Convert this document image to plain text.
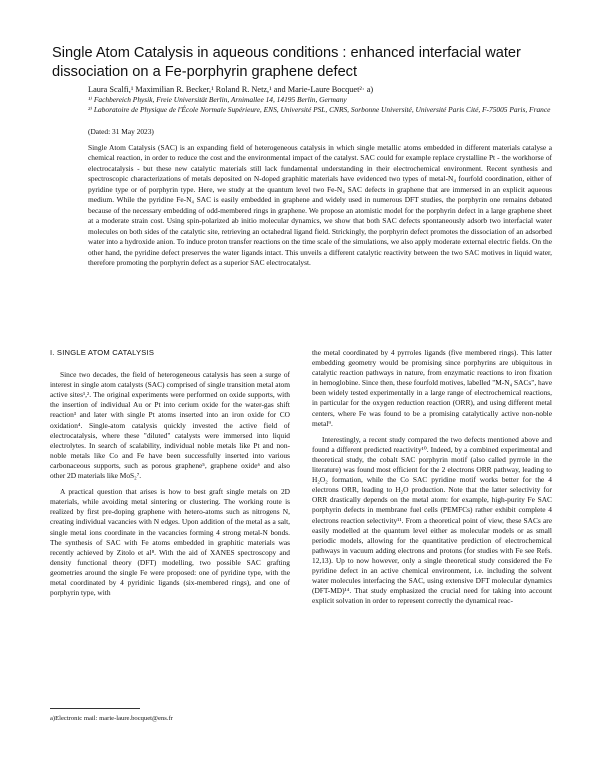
Single Atom Catalysis in aqueous conditions : enhanced interfacial water dissociation on a Fe-porphyrin graphene defect
Laura Scalfi,¹ Maximilian R. Becker,¹ Roland R. Netz,¹ and Marie-Laure Bocquet²· a)
¹⁾ Fachbereich Physik, Freie Universität Berlin, Arnimallee 14, 14195 Berlin, Germany
²⁾ Laboratoire de Physique de l'École Normale Supérieure, ENS, Université PSL, CNRS, Sorbonne Université, Université Paris Cité, F-75005 Paris, France
(Dated: 31 May 2023)
Single Atom Catalysis (SAC) is an expanding field of heterogeneous catalysis in which single metallic atoms embedded in different materials catalyse a chemical reaction, in order to reduce the cost and the environmental impact of the catalyst. SAC could for example replace crystalline Pt - the workhorse of electrocatalysis - but these new catalytic materials still lack fundamental understanding in their electrochemical environment. Recent synthesis and spectroscopic characterizations of metals deposited on N-doped graphitic materials have evidenced two types of metal-N₄ fourfold coordination, either of pyridine type or of porphyrin type. Here, we study at the quantum level two Fe-N₄ SAC defects in graphene that are immersed in an explicit aqueous medium. While the pyridine Fe-N₄ SAC is easily embedded in graphene and widely used in numerous DFT studies, the porphyrin one remains debated because of the necessary embedding of odd-membered rings in graphene. We propose an atomistic model for the porphyrin defect in a large graphene sheet at a moderate strain cost. Using spin-polarized ab initio molecular dynamics, we show that both SAC defects spontaneously adsorb two interfacial water molecules on both sides of the catalytic site, retrieving an octahedral ligand field. Strickingly, the porphyrin defect promotes the dissociation of an adsorbed water into a hydroxide anion. To induce proton transfer reactions on the time scale of the simulations, we also apply moderate external electric fields. On the other hand, the pyridine defect preserves the water ligands intact. This unveils a different catalytic reactivity between the two SAC motives in liquid water, therefore promoting the porphyrin defect as a superior SAC electrocatalyst.
I. SINGLE ATOM CATALYSIS

Since two decades, the field of heterogeneous catalysis has seen a surge of interest in single atom catalysts (SAC) comprised of single transition metal atom active sites¹,². The original experiments were performed on oxide supports, with the insertion of individual Au or Pt into cerium oxide for the water-gas shift reaction³ and later with single Pt atoms inserted into an iron oxide for CO oxidation⁴. Single-atom catalysis quickly invested the active field of electrocatalysis, where these "diluted" catalysts were immersed into liquid electrolytes. In search of scalability, individual noble metals like Pt and non-noble metals like Co and Fe have been successfully inserted into various carbonaceous supports, such as porous graphene⁵, graphene oxide⁶ and also other 2D materials like MoS₂⁷.

A practical question that arises is how to best graft single metals on 2D materials, while avoiding metal sintering or clustering. The working route is realized by first pre-doping graphene with hetero-atoms such as nitrogens N, creating individual vacancies with N edges. Upon addition of the metal as a salt, single metal ions coordinate in the vacancies forming 4 strong metal-N bonds. The synthesis of SAC with Fe atoms embedded in graphitic materials was recently achieved by Zitolo et al⁸. With the aid of XANES spectroscopy and density functional theory (DFT) modelling, two possible SAC grafting geometries around the single Fe were proposed: one of pyridine type, with the metal coordinated by 4 pyridinic ligands (six-membered rings), and one of porphyrin type, with

the metal coordinated by 4 pyrroles ligands (five membered rings). This latter embedding geometry would be promising since porphyrins are ubiquitous in catalytic reaction pathways in nature, from enzymatic reactions to iron fixation in hemoglobine. Since then, these fourfold motives, labelled "M-N₄ SACs", have been widely tested experimentally in a large range of electrochemical reactions, in particular for the oxygen reduction reaction (ORR), and using different metal centers, where Fe was found to be a promising catalytically active non-noble metal⁹.

Interestingly, a recent study compared the two defects mentioned above and found a different predicted reactivity¹⁰. Indeed, by a combined experimental and theoretical study, the cobalt SAC porphyrin motif (also called pyrrole in the literature) was found most efficient for the 2 electrons ORR pathway, leading to H₂O₂ formation, while the Co SAC pyridine motif works better for the 4 electrons ORR, leading to H₂O production. Note that the latter selectivity for ORR drastically depends on the metal atom: for example, high-purity Fe SAC porphyrin defects in membrane fuel cells (PEMFCs) rather exhibit complete 4 electrons reaction selectivity¹¹. From a theoretical point of view, these SACs are easily modelled at the quantum level either as molecular models or as small periodic models, allowing for the quantitative prediction of electrochemical pathways in vacuum adding electrons and protons (for studies with Fe see Refs. 12,13). Up to now however, only a single theoretical study considered the Fe pyridine defect in an active chemical environment, i.e. including the solvent water molecules interfacing the SAC, using extensive DFT molecular dynamics (DFT-MD)¹⁴. That study emphasized the crucial need for taking into account explicit solvation in order to represent correctly the dynamical reac-

a)Electronic mail: marie-laure.bocquet@ens.fr
